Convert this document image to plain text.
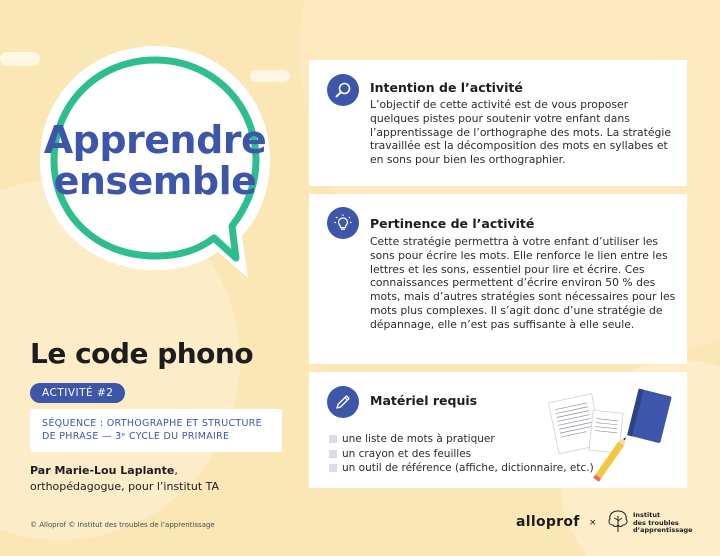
Apprendre
ensemble
Le code phono
ACTIVITÉ #2
SÉQUENCE : ORTHOGRAPHE ET STRUCTURE DE PHRASE — 3ᵉ CYCLE DU PRIMAIRE
Par Marie-Lou Laplante,
orthopédagogue, pour l’institut TA
© Alloprof © Institut des troubles de l’apprentissage
Intention de l’activité
L’objectif de cette activité est de vous proposer quelques pistes pour soutenir votre enfant dans l’apprentissage de l’orthographe des mots. La stratégie travaillée est la décomposition des mots en syllabes et en sons pour bien les orthographier.
Pertinence de l’activité
Cette stratégie permettra à votre enfant d’utiliser les sons pour écrire les mots. Elle renforce le lien entre les lettres et les sons, essentiel pour lire et écrire. Ces connaissances permettent d’écrire environ 50 % des mots, mais d’autres stratégies sont nécessaires pour les mots plus complexes. Il s’agit donc d’une stratégie de dépannage, elle n’est pas suffisante à elle seule.
Matériel requis
une liste de mots à pratiquer
un crayon et des feuilles
un outil de référence (affiche, dictionnaire, etc.)
alloprof ×
Institut
des troubles
d’apprentissage
